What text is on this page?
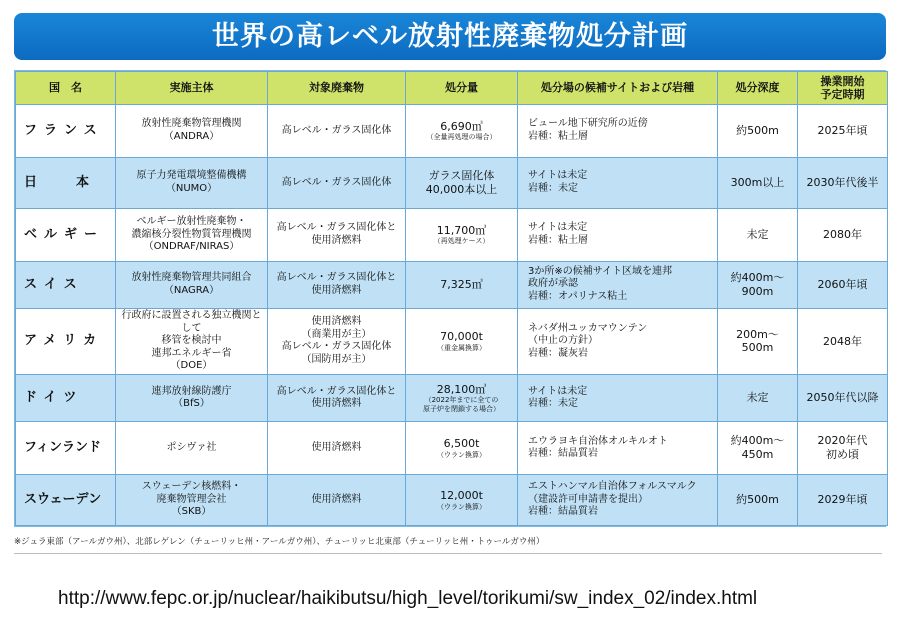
世界の高レベル放射性廃棄物処分計画
国　名	実施主体	対象廃棄物	処分量	処分場の候補サイトおよび岩種	処分深度	操業開始
予定時期
フランス	放射性廃棄物管理機関
（ANDRA）	高レベル・ガラス固化体	6,690㎥
（全量再処理の場合）	ビュール地下研究所の近傍
岩種：粘土層	約500m	2025年頃
日　　　本	原子力発電環境整備機構
（NUMO）	高レベル・ガラス固化体	ガラス固化体
40,000本以上	サイトは未定
岩種：未定	300m以上	2030年代後半
ベルギー	ベルギー放射性廃棄物・
濃縮核分裂性物質管理機関
（ONDRAF/NIRAS）	高レベル・ガラス固化体と
使用済燃料	11,700㎥
（再処理ケース）	サイトは未定
岩種：粘土層	未定	2080年
スイス	放射性廃棄物管理共同組合
（NAGRA）	高レベル・ガラス固化体と
使用済燃料	7,325㎥	3か所※の候補サイト区域を連邦
政府が承認
岩種：オパリナス粘土	約400m～
900m	2060年頃
アメリカ	行政府に設置される独立機関として
移管を検討中
連邦エネルギー省
（DOE）	使用済燃料
（商業用が主）
高レベル・ガラス固化体
（国防用が主）	70,000t
（重金属換算）	ネバダ州ユッカマウンテン
（中止の方針）
岩種：凝灰岩	200m～
500m	2048年
ドイツ	連邦放射線防護庁
（BfS）	高レベル・ガラス固化体と
使用済燃料	28,100㎥
（2022年までに全ての
原子炉を閉鎖する場合）	サイトは未定
岩種：未定	未定	2050年代以降
フィンランド	ポシヴァ社	使用済燃料	6,500t
（ウラン換算）	エウラヨキ自治体オルキルオト
岩種：結晶質岩	約400m～
450m	2020年代
初め頃
スウェーデン	スウェーデン核燃料・
廃棄物管理会社
（SKB）	使用済燃料	12,000t
（ウラン換算）	エストハンマル自治体フォルスマルク
（建設許可申請書を提出）
岩種：結晶質岩	約500m	2029年頃
※ジュラ東部（アールガウ州）、北部レゲレン（チューリッヒ州・アールガウ州）、チューリッヒ北東部（チューリッヒ州・トゥールガウ州）
http://www.fepc.or.jp/nuclear/haikibutsu/high_level/torikumi/sw_index_02/index.html
